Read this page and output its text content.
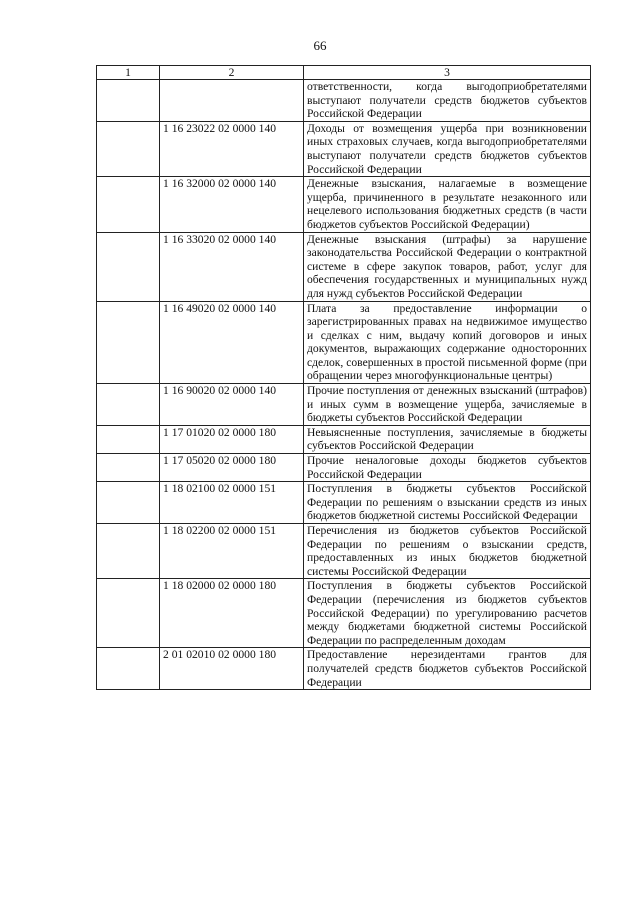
66
1	2	3
		ответственности, когда выгодоприобретателями выступают получатели средств бюджетов субъектов Российской Федерации
	1 16 23022 02 0000 140	Доходы от возмещения ущерба при возникновении иных страховых случаев, когда выгодоприобретателями выступают получатели средств бюджетов субъектов Российской Федерации
	1 16 32000 02 0000 140	Денежные взыскания, налагаемые в возмещение ущерба, причиненного в результате незаконного или нецелевого использования бюджетных средств (в части бюджетов субъектов Российской Федерации)
	1 16 33020 02 0000 140	Денежные взыскания (штрафы) за нарушение законодательства Российской Федерации о контрактной системе в сфере закупок товаров, работ, услуг для обеспечения государственных и муниципальных нужд для нужд субъектов Российской Федерации
	1 16 49020 02 0000 140	Плата за предоставление информации о зарегистрированных правах на недвижимое имущество и сделках с ним, выдачу копий договоров и иных документов, выражающих содержание односторонних сделок, совершенных в простой письменной форме (при обращении через многофункциональные центры)
	1 16 90020 02 0000 140	Прочие поступления от денежных взысканий (штрафов) и иных сумм в возмещение ущерба, зачисляемые в бюджеты субъектов Российской Федерации
	1 17 01020 02 0000 180	Невыясненные поступления, зачисляемые в бюджеты субъектов Российской Федерации
	1 17 05020 02 0000 180	Прочие неналоговые доходы бюджетов субъектов Российской Федерации
	1 18 02100 02 0000 151	Поступления в бюджеты субъектов Российской Федерации по решениям о взыскании средств из иных бюджетов бюджетной системы Российской Федерации
	1 18 02200 02 0000 151	Перечисления из бюджетов субъектов Российской Федерации по решениям о взыскании средств, предоставленных из иных бюджетов бюджетной системы Российской Федерации
	1 18 02000 02 0000 180	Поступления в бюджеты субъектов Российской Федерации (перечисления из бюджетов субъектов Российской Федерации) по урегулированию расчетов между бюджетами бюджетной системы Российской Федерации по распределенным доходам
	2 01 02010 02 0000 180	Предоставление нерезидентами грантов для получателей средств бюджетов субъектов Российской Федерации
